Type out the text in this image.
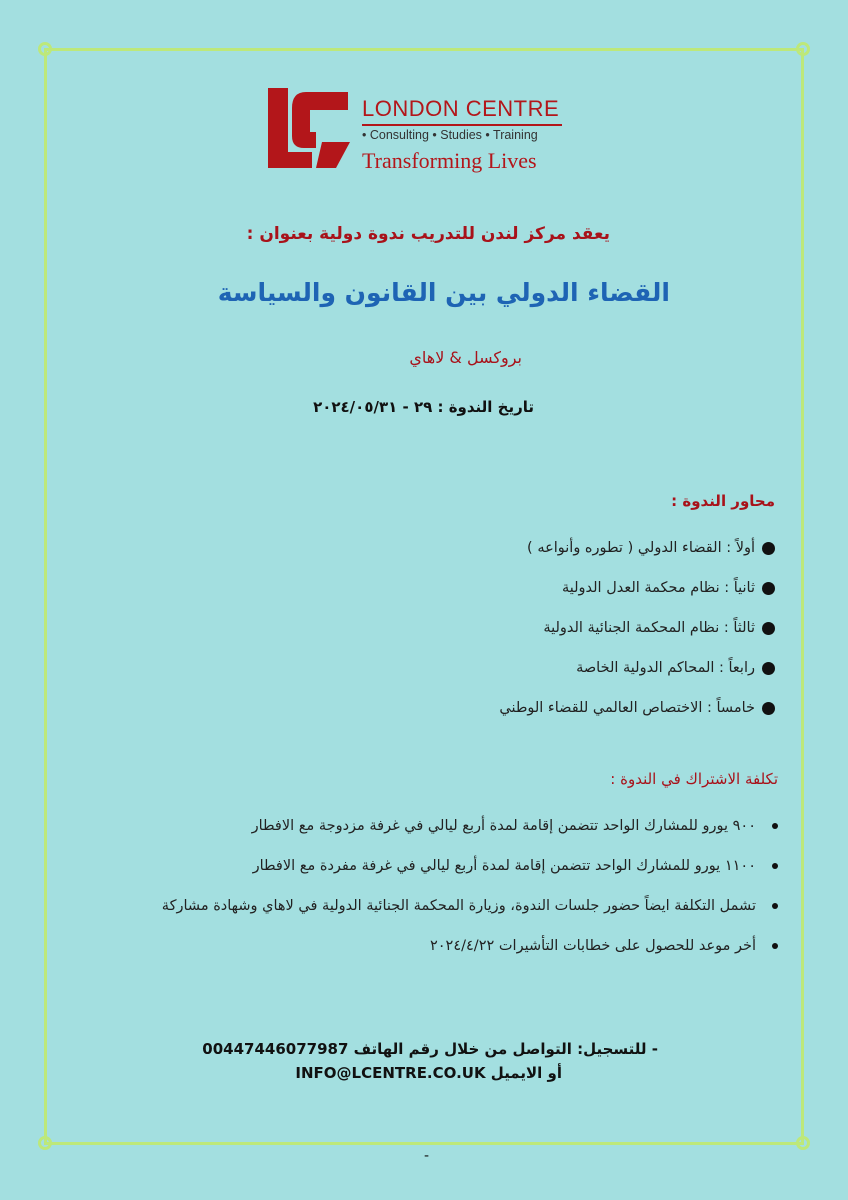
LONDON CENTRE
• Consulting • Studies • Training
Transforming Lives
يعقد مركز لندن للتدريب ندوة دولية بعنوان :
القضاء الدولي بين القانون والسياسة
بروكسل & لاهاي
تاريخ الندوة : ٢٩ - ٢٠٢٤/٠٥/٣١
محاور الندوة :
أولاً : القضاء الدولي ( تطوره وأنواعه )
ثانياً : نظام محكمة العدل الدولية
ثالثاً : نظام المحكمة الجنائية الدولية
رابعاً : المحاكم الدولية الخاصة
خامساً : الاختصاص العالمي للقضاء الوطني
تكلفة الاشتراك في الندوة :
٩٠٠ يورو للمشارك الواحد تتضمن إقامة لمدة أربع ليالي في غرفة مزدوجة مع الافطار
١١٠٠ يورو للمشارك الواحد تتضمن إقامة لمدة أربع ليالي في غرفة مفردة مع الافطار
تشمل التكلفة ايضاً حضور جلسات الندوة، وزيارة المحكمة الجنائية الدولية في لاهاي وشهادة مشاركة
أخر موعد للحصول على خطابات التأشيرات ٢٠٢٤/٤/٢٢
- للتسجيل: التواصل من خلال رقم الهاتف 00447446077987
أو الايميل INFO@LCENTRE.CO.UK
-
